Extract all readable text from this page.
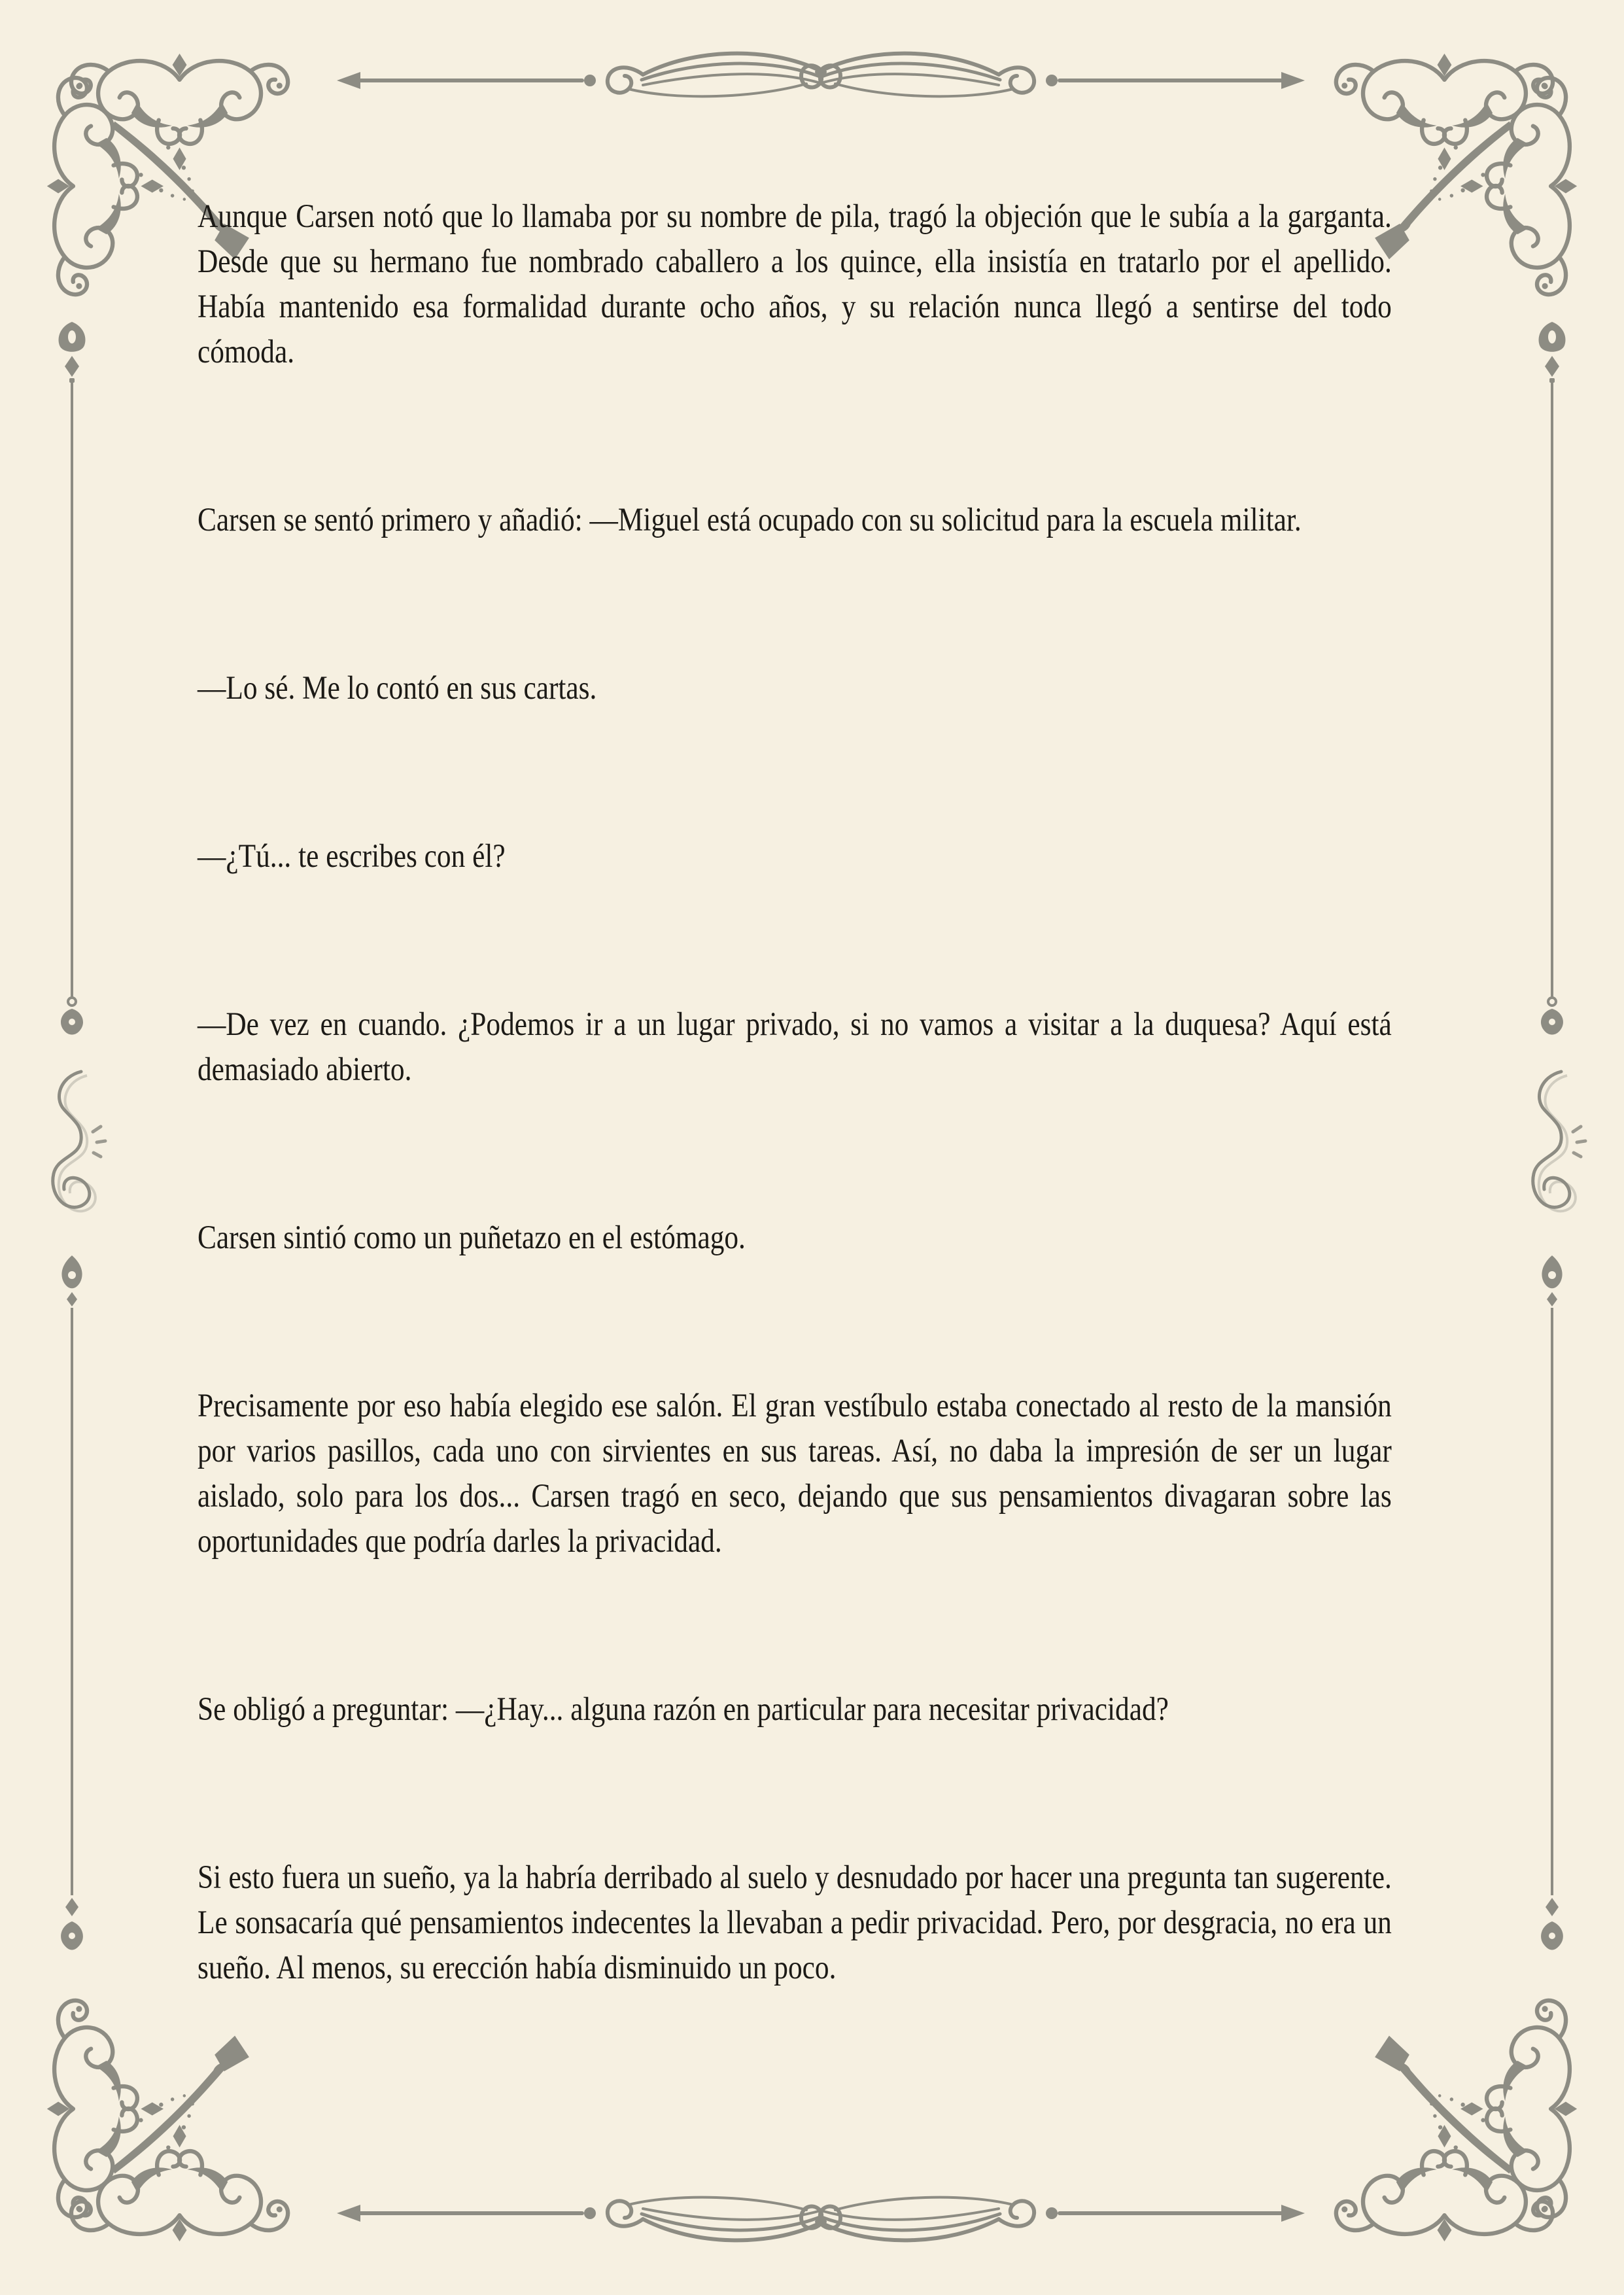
Aunque Carsen notó que lo llamaba por su nombre de pila, tragó la objeción que le subía a la garganta. Desde que su hermano fue nombrado caballero a los quince, ella insistía en tratarlo por el apellido. Había mantenido esa formalidad durante ocho años, y su relación nunca llegó a sentirse del todo cómoda.

Carsen se sentó primero y añadió: —Miguel está ocupado con su solicitud para la escuela militar.

—Lo sé. Me lo contó en sus cartas.

—¿Tú... te escribes con él?

—De vez en cuando. ¿Podemos ir a un lugar privado, si no vamos a visitar a la duquesa? Aquí está demasiado abierto.

Carsen sintió como un puñetazo en el estómago.

Precisamente por eso había elegido ese salón. El gran vestíbulo estaba conectado al resto de la mansión por varios pasillos, cada uno con sirvientes en sus tareas. Así, no daba la impresión de ser un lugar aislado, solo para los dos... Carsen tragó en seco, dejando que sus pensamientos divagaran sobre las oportunidades que podría darles la privacidad.

Se obligó a preguntar: —¿Hay... alguna razón en particular para necesitar privacidad?

Si esto fuera un sueño, ya la habría derribado al suelo y desnudado por hacer una pregunta tan sugerente. Le sonsacaría qué pensamientos indecentes la llevaban a pedir privacidad. Pero, por desgracia, no era un sueño. Al menos, su erección había disminuido un poco.
